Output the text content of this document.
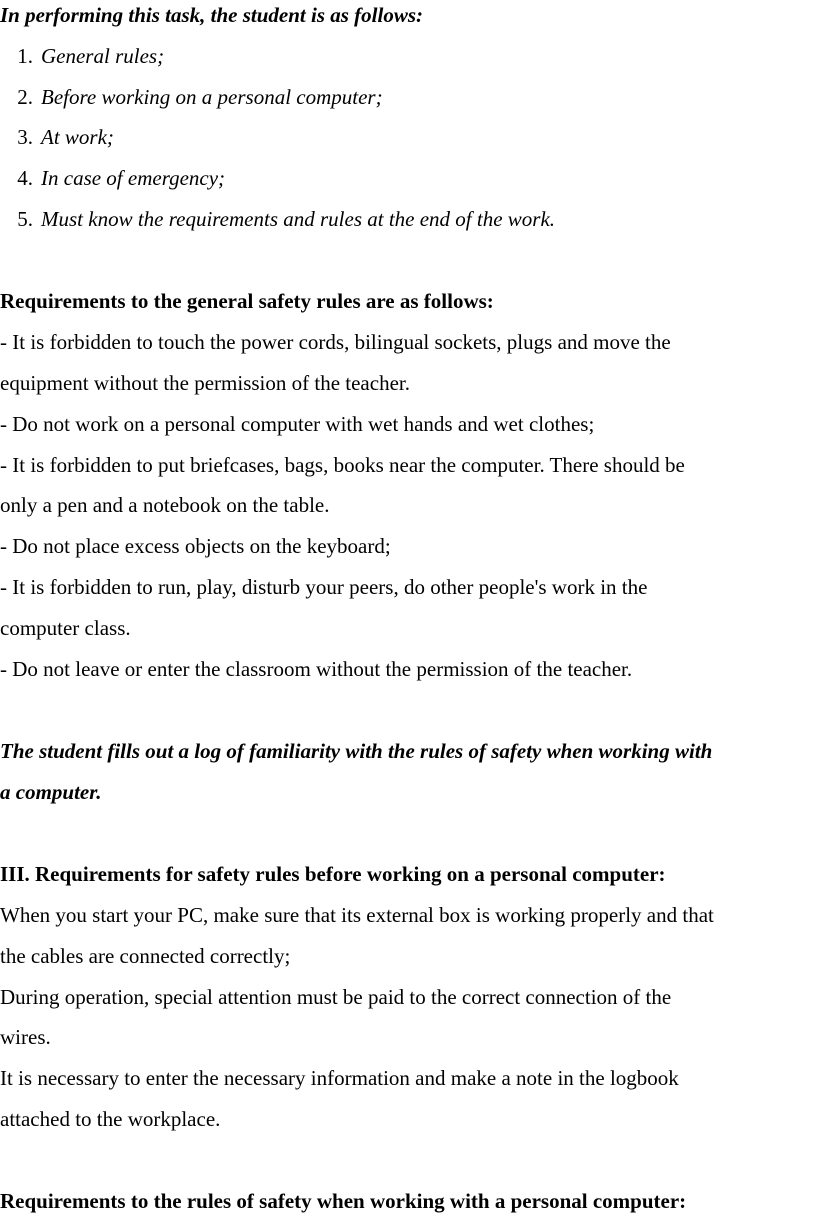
In performing this task, the student is as follows:
1. General rules;
2. Before working on a personal computer;
3. At work;
4. In case of emergency;
5. Must know the requirements and rules at the end of the work.
Requirements to the general safety rules are as follows:
- It is forbidden to touch the power cords, bilingual sockets, plugs and move the
equipment without the permission of the teacher.
- Do not work on a personal computer with wet hands and wet clothes;
- It is forbidden to put briefcases, bags, books near the computer. There should be
only a pen and a notebook on the table.
- Do not place excess objects on the keyboard;
- It is forbidden to run, play, disturb your peers, do other people's work in the
computer class.
- Do not leave or enter the classroom without the permission of the teacher.
The student fills out a log of familiarity with the rules of safety when working with
a computer.
III. Requirements for safety rules before working on a personal computer:
When you start your PC, make sure that its external box is working properly and that
the cables are connected correctly;
During operation, special attention must be paid to the correct connection of the
wires.
It is necessary to enter the necessary information and make a note in the logbook
attached to the workplace.
Requirements to the rules of safety when working with a personal computer:
